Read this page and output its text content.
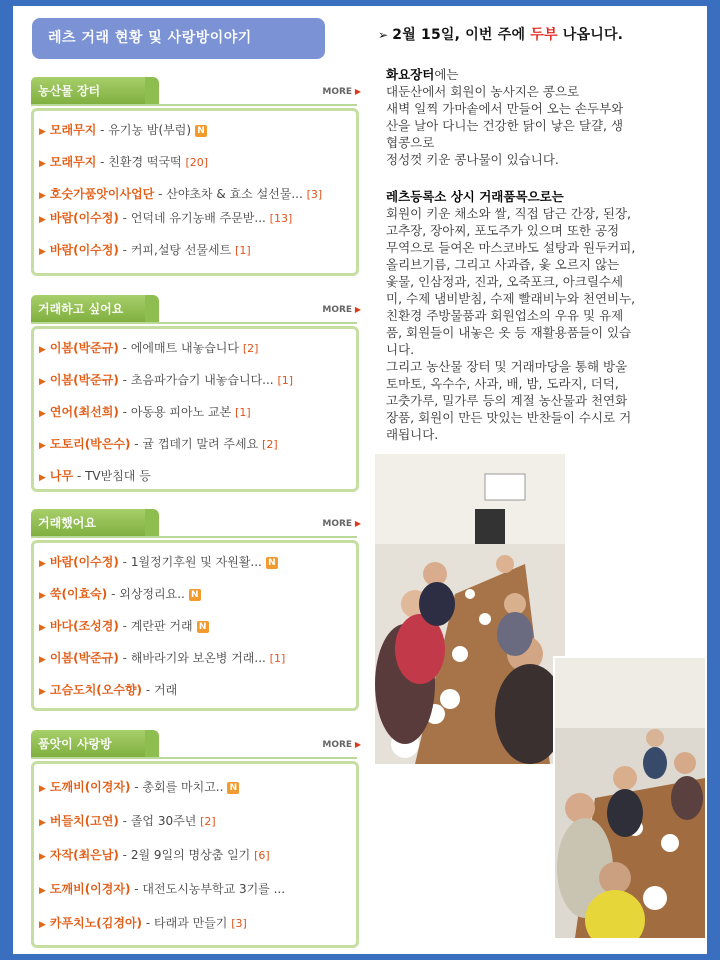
레츠 거래 현황 및 사랑방이야기
농산물 장터	MORE ▶
▶ 모래무지 - 유기농 밤(부럼) N
▶ 모래무지 - 친환경 떡국떡 [20]
▶ 호숫가품앗이사업단 - 산야초차 & 효소 설선물... [3]
▶ 바람(이수정) - 언덕네 유기농배 주문받... [13]
▶ 바람(이수정) - 커피,설탕 선물세트 [1]
거래하고 싶어요	MORE ▶
▶ 이봄(박준규) - 에에매트 내놓습니다 [2]
▶ 이봄(박준규) - 초음파가습기 내놓습니다... [1]
▶ 연어(최선희) - 아동용 피아노 교본 [1]
▶ 도토리(박은수) - 귤 껍데기 말려 주세요 [2]
▶ 나무 - TV받침대 등
거래했어요	MORE ▶
▶ 바람(이수정) - 1월정기후원 및 자원활... N
▶ 쑥(이효숙) - 외상정리요.. N
▶ 바다(조성경) - 계란판 거래 N
▶ 이봄(박준규) - 해바라기와 보온병 거래... [1]
▶ 고슴도치(오수향) - 거래
품앗이 사랑방	MORE ▶
▶ 도깨비(이경자) - 총회를 마치고.. N
▶ 버들치(고연) - 졸업 30주년 [2]
▶ 자작(최은남) - 2월 9일의 명상춤 일기 [6]
▶ 도깨비(이경자) - 대전도시농부학교 3기를 ...
▶ 카푸치노(김경아) - 타래과 만들기 [3]
➢ 2월 15일, 이번 주에 두부 나옵니다.
화요장터에는
대둔산에서 회원이 농사지은 콩으로
새벽 일찍 가마솥에서 만들어 오는 손두부와
산을 날아 다니는 건강한 닭이 낳은 달걀, 생
협콩으로
정성껏 키운 콩나물이 있습니다.
레츠등록소 상시 거래품목으로는
회원이 키운 채소와 쌀, 직접 담근 간장, 된장,
고추장, 장아찌, 포도주가 있으며 또한 공정
무역으로 들여온 마스코바도 설탕과 원두커피,
올리브기름, 그리고 사과즙, 옻 오르지 않는
옻물, 인삼정과, 진과, 오죽포크, 아크릴수세
미, 수제 냄비받침, 수제 빨래비누와 천연비누,
친환경 주방물품과 회원업소의 우유 및 유제
품, 회원들이 내놓은 옷 등 재활용품들이 있습
니다.
그리고 농산물 장터 및 거래마당을 통해 방울
토마토, 옥수수, 사과, 배, 밤, 도라지, 더덕,
고춧가루, 밀가루 등의 계절 농산물과 천연화
장품, 회원이 만든 맛있는 반찬들이 수시로 거
래됩니다.
